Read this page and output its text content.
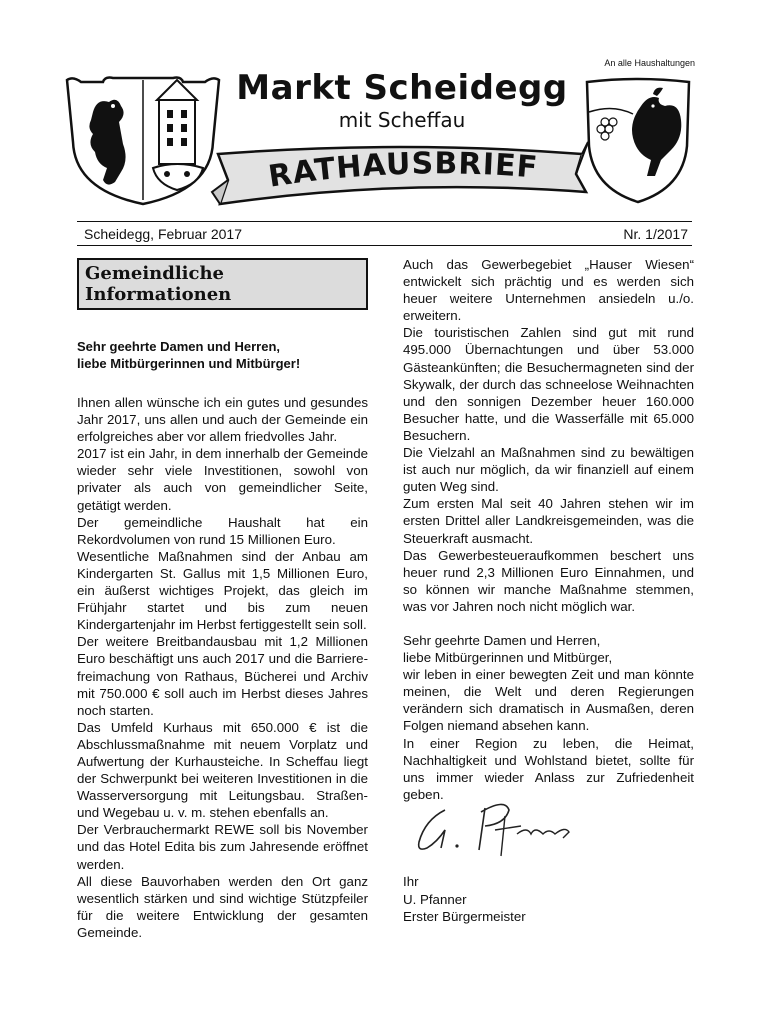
An alle Haushaltungen
Markt Scheidegg
mit Scheffau
RATHAUSBRIEF
Scheidegg, Februar 2017	Nr. 1/2017
Gemeindliche Informationen
Sehr geehrte Damen und Herren,
liebe Mitbürgerinnen und Mitbürger!

Ihnen allen wünsche ich ein gutes und gesundes Jahr 2017, uns allen und auch der Gemeinde ein erfolgreiches aber vor allem friedvolles Jahr.

2017 ist ein Jahr, in dem innerhalb der Gemeinde wieder sehr viele Investitionen, sowohl von privater als auch von gemeindlicher Seite, getätigt werden.

Der gemeindliche Haushalt hat ein Rekordvolumen von rund 15 Millionen Euro.

Wesentliche Maßnahmen sind der Anbau am Kindergarten St. Gallus mit 1,5 Millionen Euro, ein äußerst wichtiges Projekt, das gleich im Frühjahr startet und bis zum neuen Kindergartenjahr im Herbst fertiggestellt sein soll.

Der weitere Breitbandausbau mit 1,2 Millionen Euro beschäftigt uns auch 2017 und die Barriere-freimachung von Rathaus, Bücherei und Archiv mit 750.000 € soll auch im Herbst dieses Jahres noch starten.

Das Umfeld Kurhaus mit 650.000 € ist die Abschlussmaßnahme mit neuem Vorplatz und Aufwertung der Kurhausteiche. In Scheffau liegt der Schwerpunkt bei weiteren Investitionen in die Wasserversorgung mit Leitungsbau. Straßen- und Wegebau u. v. m. stehen ebenfalls an.

Der Verbrauchermarkt REWE soll bis November und das Hotel Edita bis zum Jahresende eröffnet werden.

All diese Bauvorhaben werden den Ort ganz wesentlich stärken und sind wichtige Stützpfeiler für die weitere Entwicklung der gesamten Gemeinde.

Auch das Gewerbegebiet „Hauser Wiesen“ entwickelt sich prächtig und es werden sich heuer weitere Unternehmen ansiedeln u./o. erweitern.

Die touristischen Zahlen sind gut mit rund 495.000 Übernachtungen und über 53.000 Gästeankünften; die Besuchermagneten sind der Skywalk, der durch das schneelose Weihnachten und den sonnigen Dezember heuer 160.000 Besucher hatte, und die Wasserfälle mit 65.000 Besuchern.

Die Vielzahl an Maßnahmen sind zu bewältigen ist auch nur möglich, da wir finanziell auf einem guten Weg sind.

Zum ersten Mal seit 40 Jahren stehen wir im ersten Drittel aller Landkreisgemeinden, was die Steuerkraft ausmacht.

Das Gewerbesteueraufkommen beschert uns heuer rund 2,3 Millionen Euro Einnahmen, und so können wir manche Maßnahme stemmen, was vor Jahren noch nicht möglich war.

Sehr geehrte Damen und Herren,

liebe Mitbürgerinnen und Mitbürger,

wir leben in einer bewegten Zeit und man könnte meinen, die Welt und deren Regierungen verändern sich dramatisch in Ausmaßen, deren Folgen niemand absehen kann.

In einer Region zu leben, die Heimat, Nachhaltigkeit und Wohlstand bietet, sollte für uns immer wieder Anlass zur Zufriedenheit geben.

Ihr
U. Pfanner
Erster Bürgermeister
